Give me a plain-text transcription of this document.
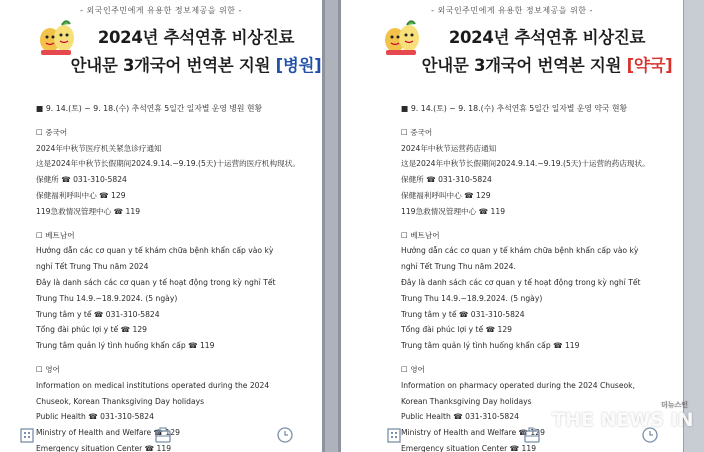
- 외국인주민에게 유용한 정보제공을 위한 -
2024년 추석연휴 비상진료
안내문 3개국어 번역본 지원 [병원]
■ 9. 14.(토) ~ 9. 18.(수) 추석연휴 5일간 일자별 운영 병원 현황
☐ 중국어
2024年中秋节医疗机关紧急诊疗通知
这是2024年中秋节长假期间2024.9.14.~9.19.(5天)十运营的医疗机构现状。
保健所 ☎ 031-310-5824
保健福利呼叫中心 ☎ 129
119急救情况管理中心 ☎ 119
☐ 베트남어
Hướng dẫn các cơ quan y tế khám chữa bệnh khẩn cấp vào kỳ
nghỉ Tết Trung Thu năm 2024
Đây là danh sách các cơ quan y tế hoạt động trong kỳ nghỉ Tết
Trung Thu 14.9.~18.9.2024. (5 ngày)
Trung tâm y tế ☎ 031-310-5824
Tổng đài phúc lợi y tế ☎ 129
Trung tâm quản lý tình huống khẩn cấp ☎ 119
☐ 영어
Information on medical institutions operated during the 2024
Chuseok, Korean Thanksgiving Day holidays
Public Health ☎ 031-310-5824
Ministry of Health and Welfare ☎ 129
Emergency situation Center ☎ 119
- 외국인주민에게 유용한 정보제공을 위한 -
2024년 추석연휴 비상진료
안내문 3개국어 번역본 지원 [약국]
■ 9. 14.(토) ~ 9. 18.(수) 추석연휴 5일간 일자별 운영 약국 현황
☐ 중국어
2024年中秋节运营药店通知
这是2024年中秋节长假期间2024.9.14.~9.19.(5天)十运营的药店现状。
保健所 ☎ 031-310-5824
保健福利呼叫中心 ☎ 129
119急救情况管理中心 ☎ 119
☐ 베트남어
Hướng dẫn các cơ quan y tế khám chữa bệnh khẩn cấp vào kỳ
nghỉ Tết Trung Thu năm 2024.
Đây là danh sách các cơ quan y tế hoạt động trong kỳ nghỉ Tết
Trung Thu 14.9.~18.9.2024. (5 ngày)
Trung tâm y tế ☎ 031-310-5824
Tổng đài phúc lợi y tế ☎ 129
Trung tâm quản lý tình huống khẩn cấp ☎ 119
☐ 영어
Information on pharmacy operated during the 2024 Chuseok,
Korean Thanksgiving Day holidays
Public Health ☎ 031-310-5824
Ministry of Health and Welfare ☎ 129
Emergency situation Center ☎ 119
THE NEWS IN
더뉴스인
